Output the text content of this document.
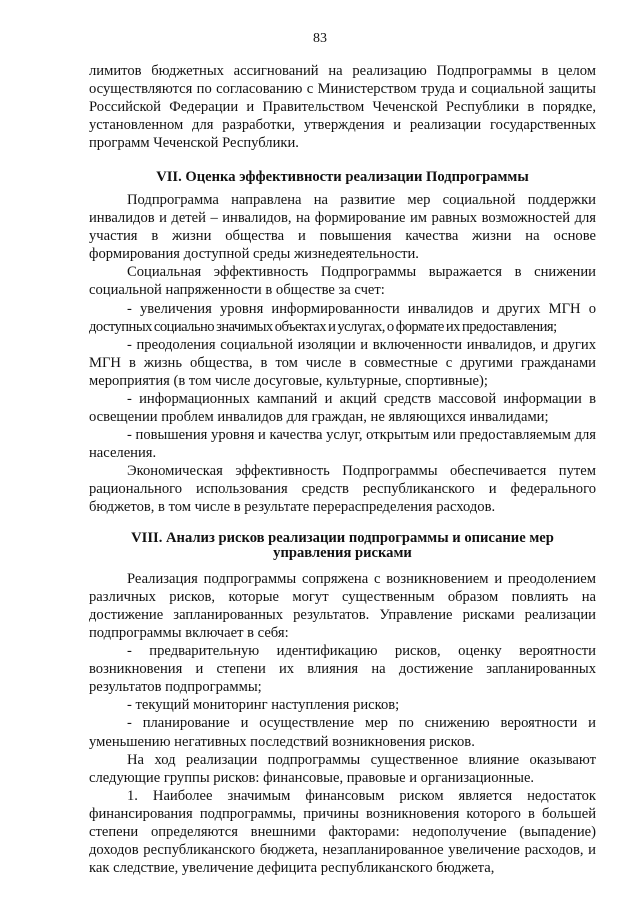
83

лимитов бюджетных ассигнований на реализацию Подпрограммы в целом осуществляются по согласованию с Министерством труда и социальной защиты Российской Федерации и Правительством Чеченской Республики в порядке, установленном для разработки, утверждения и реализации государственных программ Чеченской Республики.

VII. Оценка эффективности реализации Подпрограммы

Подпрограмма направлена на развитие мер социальной поддержки инвалидов и детей – инвалидов, на формирование им равных возможностей для участия в жизни общества и повышения качества жизни на основе формирования доступной среды жизнедеятельности.

Социальная эффективность Подпрограммы выражается в снижении социальной напряженности в обществе за счет:

- увеличения уровня информированности инвалидов и других МГН о

доступных социально значимых объектах и услугах, о формате их предоставления;

- преодоления социальной изоляции и включенности инвалидов, и других МГН в жизнь общества, в том числе в совместные с другими гражданами мероприятия (в том числе досуговые, культурные, спортивные);

- информационных кампаний и акций средств массовой информации в освещении проблем инвалидов для граждан, не являющихся инвалидами;

- повышения уровня и качества услуг, открытым или предоставляемым для населения.

Экономическая эффективность Подпрограммы обеспечивается путем рационального использования средств республиканского и федерального бюджетов, в том числе в результате перераспределения расходов.

VIII. Анализ рисков реализации подпрограммы и описание мер
управления рисками

Реализация подпрограммы сопряжена с возникновением и преодолением различных рисков, которые могут существенным образом повлиять на достижение запланированных результатов. Управление рисками реализации подпрограммы включает в себя:

- предварительную идентификацию рисков, оценку вероятности возникновения и степени их влияния на достижение запланированных результатов подпрограммы;

- текущий мониторинг наступления рисков;

- планирование и осуществление мер по снижению вероятности и уменьшению негативных последствий возникновения рисков.

На ход реализации подпрограммы существенное влияние оказывают следующие группы рисков: финансовые, правовые и организационные.

1. Наиболее значимым финансовым риском является недостаток финансирования подпрограммы, причины возникновения которого в большей степени определяются внешними факторами: недополучение (выпадение) доходов республиканского бюджета, незапланированное увеличение расходов, и как следствие, увеличение дефицита республиканского бюджета,
